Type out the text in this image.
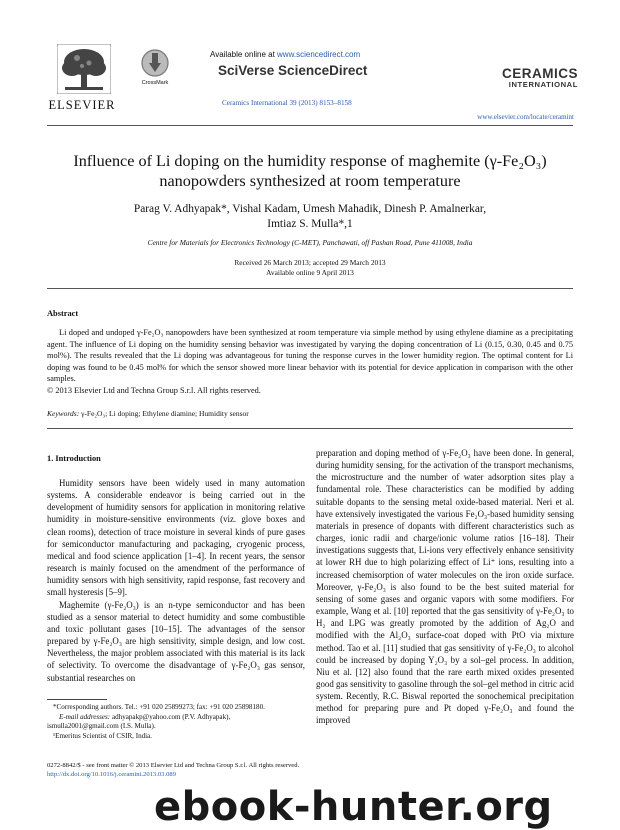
ELSEVIER
Available online at www.sciencedirect.com
CrossMark
SciVerse ScienceDirect
Ceramics International 39 (2013) 8153–8158
CERAMICS
INTERNATIONAL
www.elsevier.com/locate/ceramint
Influence of Li doping on the humidity response of maghemite (γ-Fe₂O₃)
nanopowders synthesized at room temperature
Parag V. Adhyapak*, Vishal Kadam, Umesh Mahadik, Dinesh P. Amalnerkar,
Imtiaz S. Mulla*,1
Centre for Materials for Electronics Technology (C-MET), Panchawati, off Pashan Road, Pune 411008, India
Received 26 March 2013; accepted 29 March 2013
Available online 9 April 2013
Abstract

Li doped and undoped γ-Fe₂O₃ nanopowders have been synthesized at room temperature via simple method by using ethylene diamine as a precipitating agent. The influence of Li doping on the humidity sensing behavior was investigated by varying the doping concentration of Li (0.15, 0.30, 0.45 and 0.75 mol%). The results revealed that the Li doping was advantageous for tuning the response curves in the lower humidity region. The optimal content for Li doping was found to be 0.45 mol% for which the sensor showed more linear behavior with its potential for device application in comparison with the other samples.

© 2013 Elsevier Ltd and Techna Group S.r.l. All rights reserved.
Keywords: γ-Fe₂O₃; Li doping; Ethylene diamine; Humidity sensor
1. Introduction

Humidity sensors have been widely used in many automation systems. A considerable endeavor is being carried out in the development of humidity sensors for application in monitoring relative humidity in moisture-sensitive environments (viz. glove boxes and clean rooms), detection of trace moisture in several kinds of pure gases for semiconductor manufacturing and packaging, cryogenic process, medical and food science application [1–4]. In recent years, the sensor research is mainly focused on the amendment of the performance of humidity sensors with high sensitivity, rapid response, fast recovery and small hysteresis [5–9].

Maghemite (γ-Fe₂O₃) is an n-type semiconductor and has been studied as a sensor material to detect humidity and some combustible and toxic pollutant gases [10–15]. The advantages of the sensor prepared by γ-Fe₂O₃ are high sensitivity, simple design, and low cost. Nevertheless, the major problem associated with this material is its lack of selectivity. To overcome the disadvantage of γ-Fe₂O₃ gas sensor, substantial researches on

preparation and doping method of γ-Fe₂O₃ have been done. In general, during humidity sensing, for the activation of the transport mechanisms, the microstructure and the number of water adsorption sites play a fundamental role. These characteristics can be modified by adding suitable dopants to the sensing metal oxide-based material. Neri et al. have extensively investigated the various Fe₂O₃-based humidity sensing materials in presence of dopants with different characteristics such as charges, ionic radii and charge/ionic volume ratios [16–18]. Their investigations suggests that, Li-ions very effectively enhance sensitivity at lower RH due to high polarizing effect of Li⁺ ions, resulting into a increased chemisorption of water molecules on the iron oxide surface. Moreover, γ-Fe₂O₃ is also found to be the best suited material for sensing of some gases and organic vapors with some modifiers. For example, Wang et al. [10] reported that the gas sensitivity of γ-Fe₂O₃ to H₂ and LPG was greatly promoted by the addition of Ag₂O and modified with the Al₂O₃ surface-coat doped with PtO via mixture method. Tao et al. [11] studied that gas sensitivity of γ-Fe₂O₃ to alcohol could be increased by doping Y₂O₃ by a sol–gel process. In addition, Niu et al. [12] also found that the rare earth mixed oxides presented good gas sensitivity to gasoline through the sol–gel method in citric acid system. Recently, R.C. Biswal reported the sonochemical precipitation method for preparing pure and Pt doped γ-Fe₂O₃ and found the improved

*Corresponding authors. Tel.: +91 020 25899273; fax: +91 020 25898180.
E-mail addresses: adhyapakp@yahoo.com (P.V. Adhyapak),
ismulla2001@gmail.com (I.S. Mulla).
¹Emeritus Scientist of CSIR, India.
0272-8842/$ - see front matter © 2013 Elsevier Ltd and Techna Group S.r.l. All rights reserved.
http://dx.doi.org/10.1016/j.ceramint.2013.03.089
ebook-hunter.org
